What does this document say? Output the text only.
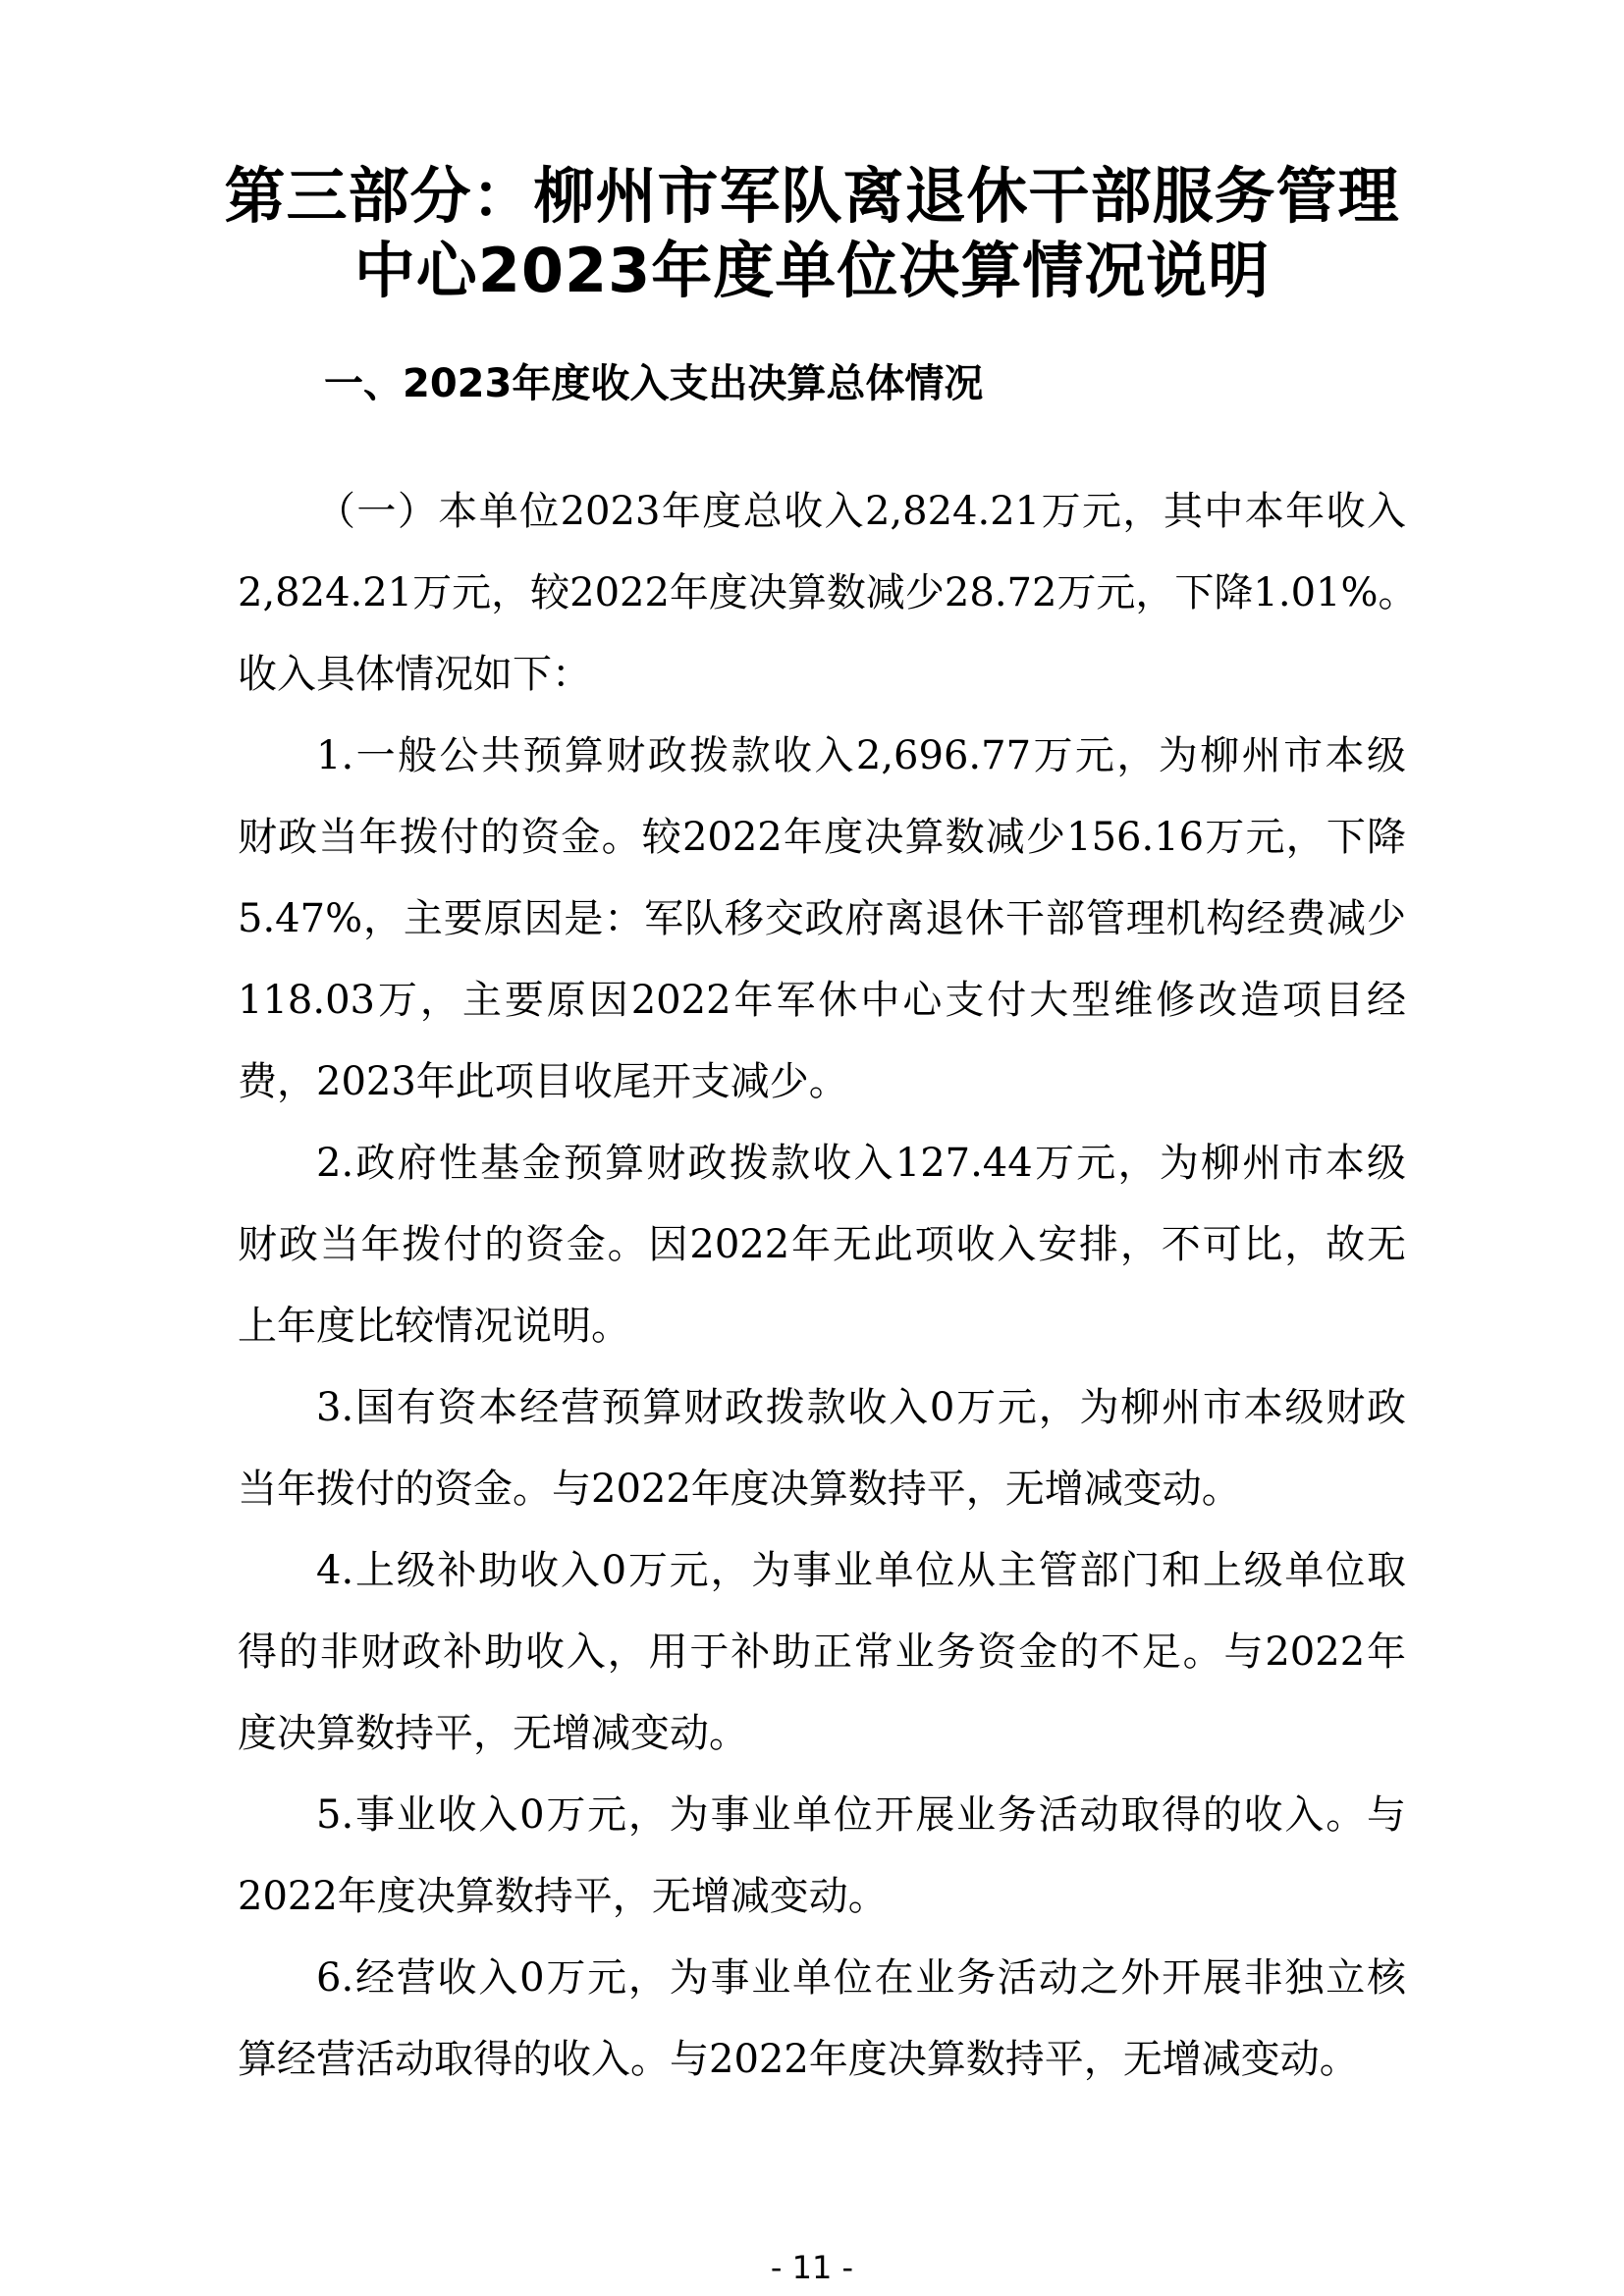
第三部分：柳州市军队离退休干部服务管理
中心2023年度单位决算情况说明
一、2023年度收入支出决算总体情况

（一）本单位2023年度总收入2,824.21万元，其中本年收入
2,824.21万元，较2022年度决算数减少28.72万元，下降1.01%。
收入具体情况如下：

1.一般公共预算财政拨款收入2,696.77万元，为柳州市本级
财政当年拨付的资金。较2022年度决算数减少156.16万元，下降
5.47%，主要原因是：军队移交政府离退休干部管理机构经费减少
118.03万，主要原因2022年军休中心支付大型维修改造项目经
费，2023年此项目收尾开支减少。

2.政府性基金预算财政拨款收入127.44万元，为柳州市本级
财政当年拨付的资金。因2022年无此项收入安排，不可比，故无
上年度比较情况说明。

3.国有资本经营预算财政拨款收入0万元，为柳州市本级财政
当年拨付的资金。与2022年度决算数持平，无增减变动。

4.上级补助收入0万元，为事业单位从主管部门和上级单位取
得的非财政补助收入，用于补助正常业务资金的不足。与2022年
度决算数持平，无增减变动。

5.事业收入0万元，为事业单位开展业务活动取得的收入。与
2022年度决算数持平，无增减变动。

6.经营收入0万元，为事业单位在业务活动之外开展非独立核
算经营活动取得的收入。与2022年度决算数持平，无增减变动。

- 11 -
